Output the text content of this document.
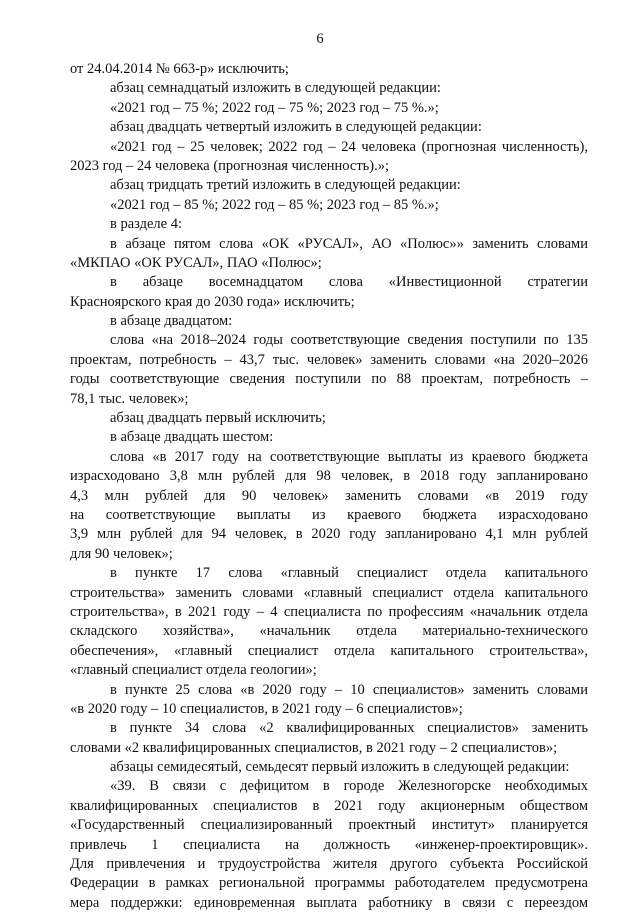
6
от 24.04.2014 № 663-р» исключить;
абзац семнадцатый изложить в следующей редакции:
«2021 год – 75 %; 2022 год – 75 %; 2023 год – 75 %.»;
абзац двадцать четвертый изложить в следующей редакции:
«2021 год – 25 человек; 2022 год – 24 человека (прогнозная численность),
2023 год – 24 человека (прогнозная численность).»;
абзац тридцать третий изложить в следующей редакции:
«2021 год – 85 %; 2022 год – 85 %; 2023 год – 85 %.»;
в разделе 4:
в абзаце пятом слова «ОК «РУСАЛ», АО «Полюс»» заменить словами
«МКПАО «ОК РУСАЛ», ПАО «Полюс»;
в абзаце восемнадцатом слова «Инвестиционной стратегии
Красноярского края до 2030 года» исключить;
в абзаце двадцатом:
слова «на 2018–2024 годы соответствующие сведения поступили по 135
проектам, потребность – 43,7 тыс. человек» заменить словами «на 2020–2026
годы соответствующие сведения поступили по 88 проектам, потребность –
78,1 тыс. человек»;
абзац двадцать первый исключить;
в абзаце двадцать шестом:
слова «в 2017 году на соответствующие выплаты из краевого бюджета
израсходовано 3,8 млн рублей для 98 человек, в 2018 году запланировано
4,3 млн рублей для 90 человек» заменить словами «в 2019 году
на соответствующие выплаты из краевого бюджета израсходовано
3,9 млн рублей для 94 человек, в 2020 году запланировано 4,1 млн рублей
для 90 человек»;
в пункте 17 слова «главный специалист отдела капитального
строительства» заменить словами «главный специалист отдела капитального
строительства», в 2021 году – 4 специалиста по профессиям «начальник отдела
складского хозяйства», «начальник отдела материально-технического
обеспечения», «главный специалист отдела капитального строительства»,
«главный специалист отдела геологии»;
в пункте 25 слова «в 2020 году – 10 специалистов» заменить словами
«в 2020 году – 10 специалистов, в 2021 году – 6 специалистов»;
в пункте 34 слова «2 квалифицированных специалистов» заменить
словами «2 квалифицированных специалистов, в 2021 году – 2 специалистов»;
абзацы семидесятый, семьдесят первый изложить в следующей редакции:
«39. В связи с дефицитом в городе Железногорске необходимых
квалифицированных специалистов в 2021 году акционерным обществом
«Государственный специализированный проектный институт» планируется
привлечь 1 специалиста на должность «инженер-проектировщик».
Для привлечения и трудоустройства жителя другого субъекта Российской
Федерации в рамках региональной программы работодателем предусмотрена
мера поддержки: единовременная выплата работнику в связи с переездом
